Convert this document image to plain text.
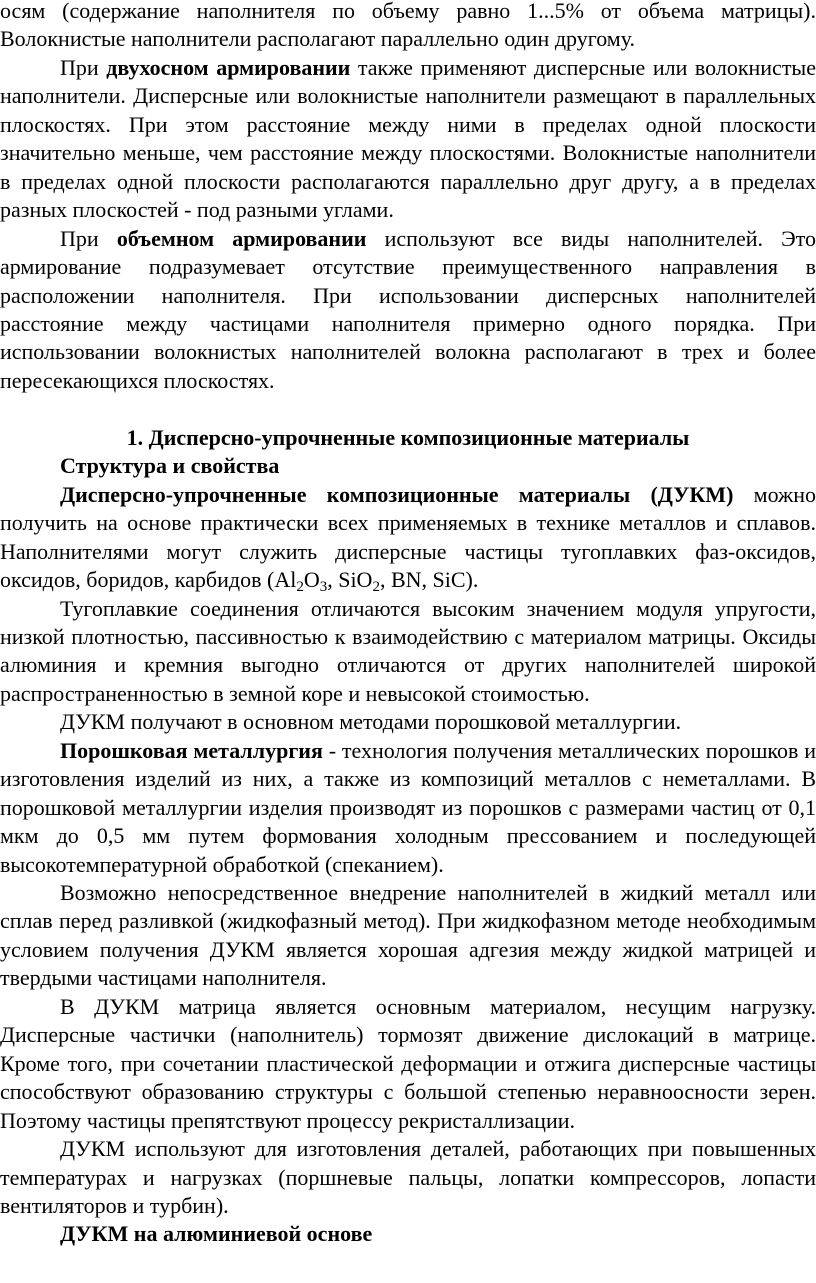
осям (содержание наполнителя по объему равно 1...5% от объема матрицы). Волокнистые наполнители располагают параллельно один другому.

При двухосном армировании также применяют дисперсные или волокнистые наполнители. Дисперсные или волокнистые наполнители размещают в параллельных плоскостях. При этом расстояние между ними в пределах одной плоскости значительно меньше, чем расстояние между плоскостями. Волокнистые наполнители в пределах одной плоскости располагаются параллельно друг другу, а в пределах разных плоскостей - под разными углами.

При объемном армировании используют все виды наполнителей. Это армирование подразумевает отсутствие преимущественного направления в расположении наполнителя. При использовании дисперсных наполнителей расстояние между частицами наполнителя примерно одного порядка. При использовании волокнистых наполнителей волокна располагают в трех и более пересекающихся плоскостях.

1. Дисперсно-упрочненные композиционные материалы

Структура и свойства

Дисперсно-упрочненные композиционные материалы (ДУКМ) можно получить на основе практически всех применяемых в технике металлов и сплавов. Наполнителями могут служить дисперсные частицы тугоплавких фаз-оксидов, оксидов, боридов, карбидов ($Al_2O_3$, SiO$_2$, BN, SiC).

Тугоплавкие соединения отличаются высоким значением модуля упругости, низкой плотностью, пассивностью к взаимодействию с материалом матрицы. Оксиды алюминия и кремния выгодно отличаются от других наполнителей широкой распространенностью в земной коре и невысокой стоимостью.

ДУКМ получают в основном методами порошковой металлургии.

Порошковая металлургия - технология получения металлических порошков и изготовления изделий из них, а также из композиций металлов с неметаллами. В порошковой металлургии изделия производят из порошков с размерами частиц от 0,1 мкм до 0,5 мм путем формования холодным прессованием и последующей высокотемпературной обработкой (спеканием).

Возможно непосредственное внедрение наполнителей в жидкий металл или сплав перед разливкой (жидкофазный метод). При жидкофазном методе необходимым условием получения ДУКМ является хорошая адгезия между жидкой матрицей и твердыми частицами наполнителя.

В ДУКМ матрица является основным материалом, несущим нагрузку. Дисперсные частички (наполнитель) тормозят движение дислокаций в матрице. Кроме того, при сочетании пластической деформации и отжига дисперсные частицы способствуют образованию структуры с большой степенью неравноосности зерен. Поэтому частицы препятствуют процессу рекристаллизации.

ДУКМ используют для изготовления деталей, работающих при повышенных температурах и нагрузках (поршневые пальцы, лопатки компрессоров, лопасти вентиляторов и турбин).

ДУКМ на алюминиевой основе
